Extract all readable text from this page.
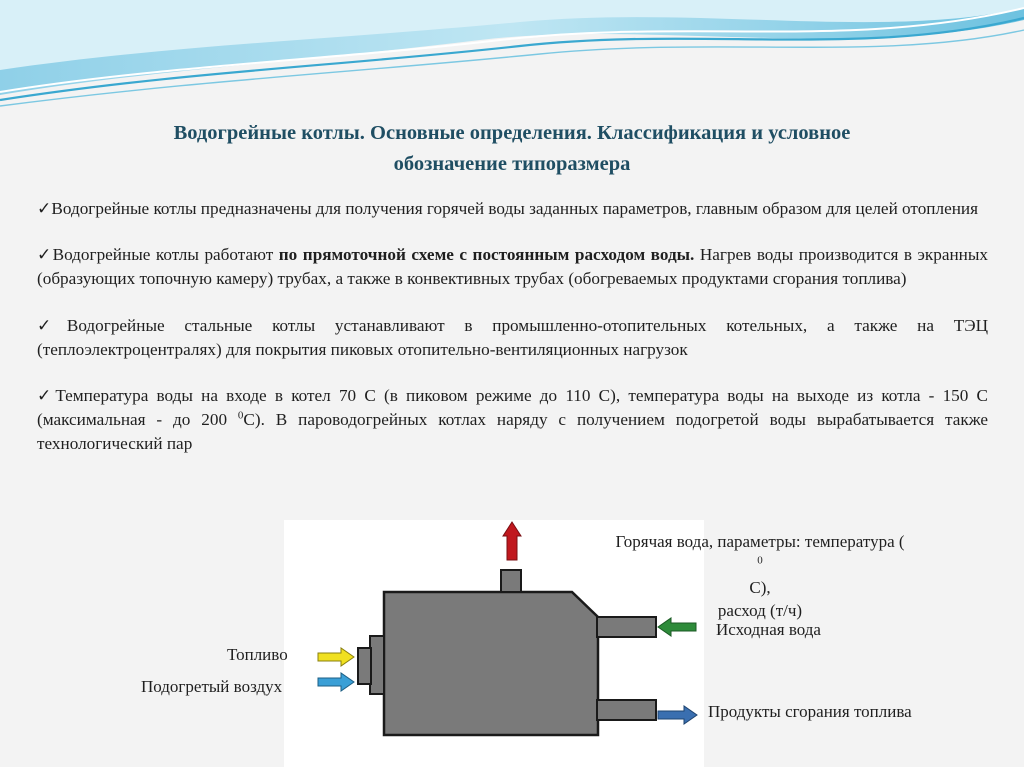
Водогрейные котлы. Основные определения. Классификация и условное
обозначение типоразмера

✓Водогрейные котлы предназначены для получения горячей воды заданных параметров, главным образом для целей отопления

✓Водогрейные котлы работают по прямоточной схеме с постоянным расходом воды. Нагрев воды производится в экранных (образующих топочную камеру) трубах, а также в конвективных трубах (обогреваемых продуктами сгорания топлива)

✓Водогрейные стальные котлы устанавливают в промышленно-отопительных котельных, а также на ТЭЦ (теплоэлектроцентралях) для покрытия пиковых отопительно-вентиляционных нагрузок

✓Температура воды на входе в котел 70 С (в пиковом режиме до 110 С), температура воды на выходе из котла - 150 С (максимальная - до 200 $^0$С). В пароводогрейных котлах наряду с получением подогретой воды вырабатывается также технологический пар

Горячая вода, параметры: температура (
$^0$
С),
расход (т/ч)
Исходная вода
Топливо
Подогретый воздух
Продукты сгорания топлива
